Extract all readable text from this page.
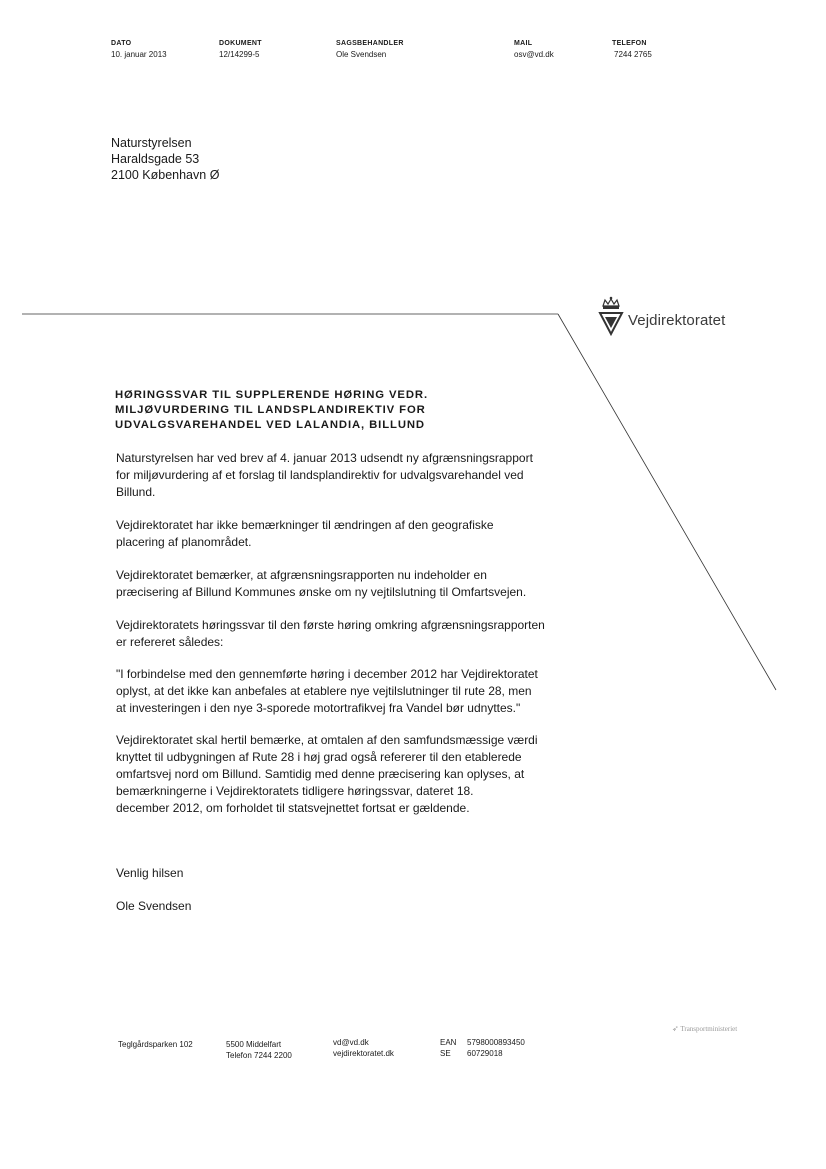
DATO
10. januar 2013
DOKUMENT
12/14299-5
SAGSBEHANDLER
Ole Svendsen
MAIL
osv@vd.dk
TELEFON
7244 2765
Naturstyrelsen
Haraldsgade 53
2100 København Ø
Vejdirektoratet
HØRINGSSVAR TIL SUPPLERENDE HØRING VEDR.
MILJØVURDERING TIL LANDSPLANDIREKTIV FOR
UDVALGSVAREHANDEL VED LALANDIA, BILLUND
Naturstyrelsen har ved brev af 4. januar 2013 udsendt ny afgrænsningsrapport
for miljøvurdering af et forslag til landsplandirektiv for udvalgsvarehandel ved
Billund.
Vejdirektoratet har ikke bemærkninger til ændringen af den geografiske
placering af planområdet.
Vejdirektoratet bemærker, at afgrænsningsrapporten nu indeholder en
præcisering af Billund Kommunes ønske om ny vejtilslutning til Omfartsvejen.
Vejdirektoratets høringssvar til den første høring omkring afgrænsningsrapporten
er refereret således:
"I forbindelse med den gennemførte høring i december 2012 har Vejdirektoratet
oplyst, at det ikke kan anbefales at etablere nye vejtilslutninger til rute 28, men
at investeringen i den nye 3-sporede motortrafikvej fra Vandel bør udnyttes."
Vejdirektoratet skal hertil bemærke, at omtalen af den samfundsmæssige værdi
knyttet til udbygningen af Rute 28 i høj grad også refererer til den etablerede
omfartsvej nord om Billund. Samtidig med denne præcisering kan oplyses, at
bemærkningerne i Vejdirektoratets tidligere høringssvar, dateret 18.
december 2012, om forholdet til statsvejnettet fortsat er gældende.
Venlig hilsen
Ole Svendsen
Teglgårdsparken 102	5500 Middelfart
Telefon 7244 2200
vd@vd.dk
vejdirektoratet.dk
EAN 5798000893450
SE 60729018
➶ Transportministeriet
